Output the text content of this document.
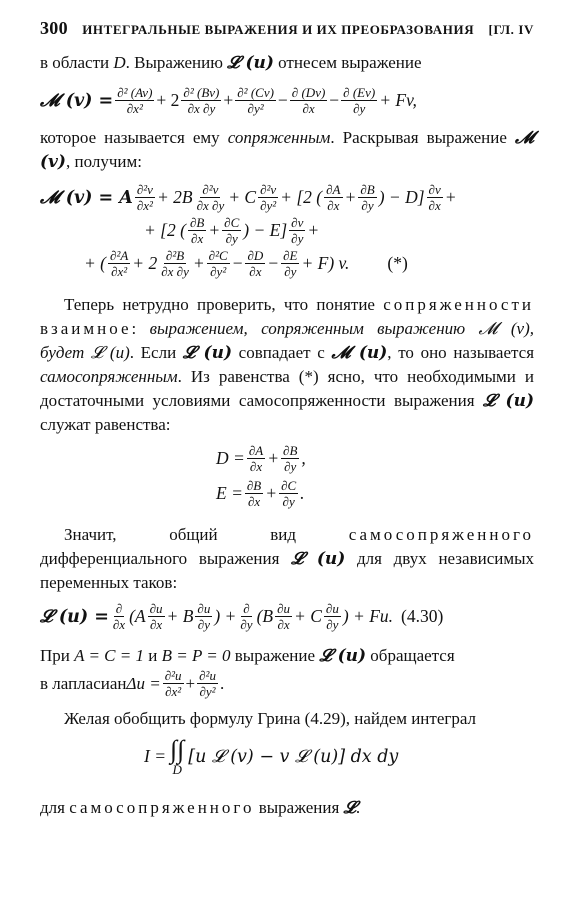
300 ИНТЕГРАЛЬНЫЕ ВЫРАЖЕНИЯ И ИХ ПРЕОБРАЗОВАНИЯ [ГЛ. IV

в области D. Выражению 𝓛 (u) отнесем выражение

𝓜 $(v) = \frac{\text{∂² (Av)}}{\text{∂x²}} + 2 \frac{\text{∂² (Bv)}}{\partial x \partial y} + \frac{\text{∂² (Cv)}}{\text{∂y²}} - \frac{\partial (Dv)}{\partial x} - \frac{\partial (Ev)}{\partial y} + Fv$,

которое называется ему сопряженным. Раскрывая выражение 𝓜 (v), получим:

𝓜 (v) = A $\frac{\text{∂²v}}{\text{∂x²}} + 2B \frac{\text{∂²v}}{\partial x \partial y} + C \frac{\text{∂²v}}{\text{∂y²}} + [2$ ( $\frac{\partial A}{\partial x} + \frac{\partial B}{\partial y}$ ) − $D] \frac{\partial v}{\partial x}$ +
+ [2 ( $\frac{\partial B}{\partial x} + \frac{\partial C}{\partial y}$ ) − $E] \frac{\partial v}{\partial y}$ +
+ ( $\frac{\text{∂²A}}{\text{∂x²}} + 2 \frac{\text{∂²B}}{\partial x \partial y} + \frac{\text{∂²C}}{\text{∂y²}} - \frac{\partial D}{\partial x} - \frac{\partial E}{\partial y} + F$) v. (*)

Теперь нетрудно проверить, что понятие сопряженности взаимное: выражением, сопряженным выражению 𝓜 (v), будет 𝓛 (u). Если 𝓛 (u) совпадает с 𝓜 (u), то оно называется самосопряженным. Из равенства (*) ясно, что необходимыми и достаточными условиями самосопряженности выражения 𝓛 (u) служат равенства:

$D = \frac{\partial A}{\partial x} + \frac{\partial B}{\partial y}$ ,
$E = \frac{\partial B}{\partial x} + \frac{\partial C}{\partial y}$ .

Значит, общий вид самосопряженного дифференциального выражения 𝓛 (u) для двух независимых переменных таков:

𝓛 $(u) = \frac{\partial}{\partial x} (A \frac{\partial u}{\partial x} + B \frac{\partial u}{\partial y}$ ) + $\frac{\partial}{\partial y} (B \frac{\partial u}{\partial x} + C \frac{\partial u}{\partial y}$ ) + Fu. (4.30)

При A = C = 1 и B = P = 0 выражение 𝓛 (u) обращается

в лапласиан $\Delta u = \frac{\text{∂²u}}{\text{∂x²}} + \frac{\text{∂²u}}{\text{∂y²}}$ .

Желая обобщить формулу Грина (4.29), найдем интеграл

I = ∫∫
D
[u 𝓛 (v) − v 𝓛 (u)] dx dy

для самосопряженного выражения 𝓛.
